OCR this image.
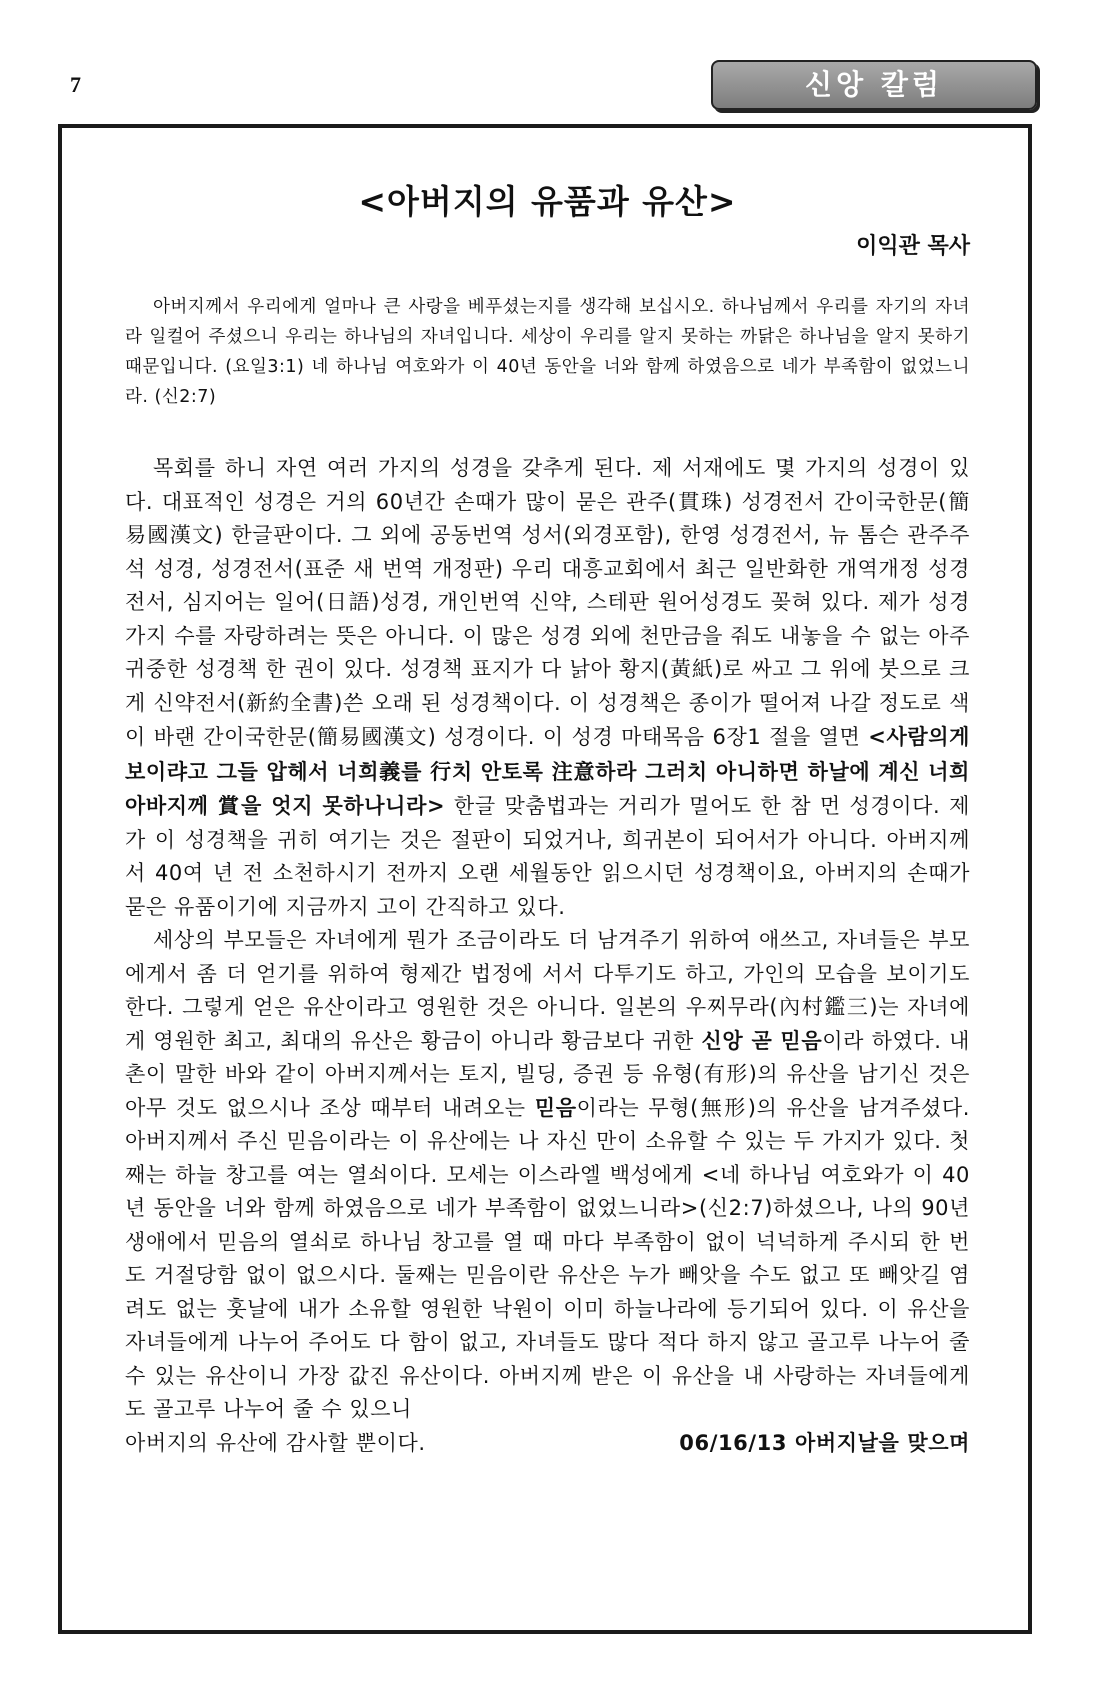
7	신앙 칼럼
<아버지의 유품과 유산>

이익관 목사

아버지께서 우리에게 얼마나 큰 사랑을 베푸셨는지를 생각해 보십시오. 하나님께서 우리를 자기의 자녀라 일컬어 주셨으니 우리는 하나님의 자녀입니다. 세상이 우리를 알지 못하는 까닭은 하나님을 알지 못하기 때문입니다. (요일3:1) 네 하나님 여호와가 이 40년 동안을 너와 함께 하였음으로 네가 부족함이 없었느니라. (신2:7)

목회를 하니 자연 여러 가지의 성경을 갖추게 된다. 제 서재에도 몇 가지의 성경이 있다. 대표적인 성경은 거의 60년간 손때가 많이 묻은 관주(貫珠) 성경전서 간이국한문(簡易國漢文) 한글판이다. 그 외에 공동번역 성서(외경포함), 한영 성경전서, 뉴 톰슨 관주주석 성경, 성경전서(표준 새 번역 개정판) 우리 대흥교회에서 최근 일반화한 개역개정 성경전서, 심지어는 일어(日語)성경, 개인번역 신약, 스테판 원어성경도 꽂혀 있다. 제가 성경 가지 수를 자랑하려는 뜻은 아니다. 이 많은 성경 외에 천만금을 줘도 내놓을 수 없는 아주 귀중한 성경책 한 권이 있다. 성경책 표지가 다 낡아 황지(黃紙)로 싸고 그 위에 붓으로 크게 신약전서(新約全書)쓴 오래 된 성경책이다. 이 성경책은 종이가 떨어져 나갈 정도로 색이 바랜 간이국한문(簡易國漢文) 성경이다. 이 성경 마태목음 6장1 절을 열면 <사람의게 보이랴고 그들 압헤서 너희義를 行치 안토록 注意하라 그러치 아니하면 하날에 계신 너희 아바지께 賞을 엇지 못하나니라> 한글 맞춤법과는 거리가 멀어도 한 참 먼 성경이다. 제가 이 성경책을 귀히 여기는 것은 절판이 되었거나, 희귀본이 되어서가 아니다. 아버지께서 40여 년 전 소천하시기 전까지 오랜 세월동안 읽으시던 성경책이요, 아버지의 손때가 묻은 유품이기에 지금까지 고이 간직하고 있다.

세상의 부모들은 자녀에게 뭔가 조금이라도 더 남겨주기 위하여 애쓰고, 자녀들은 부모에게서 좀 더 얻기를 위하여 형제간 법정에 서서 다투기도 하고, 가인의 모습을 보이기도 한다. 그렇게 얻은 유산이라고 영원한 것은 아니다. 일본의 우찌무라(內村鑑三)는 자녀에게 영원한 최고, 최대의 유산은 황금이 아니라 황금보다 귀한 신앙 곧 믿음이라 하였다. 내촌이 말한 바와 같이 아버지께서는 토지, 빌딩, 증권 등 유형(有形)의 유산을 남기신 것은 아무 것도 없으시나 조상 때부터 내려오는 믿음이라는 무형(無形)의 유산을 남겨주셨다. 아버지께서 주신 믿음이라는 이 유산에는 나 자신 만이 소유할 수 있는 두 가지가 있다. 첫째는 하늘 창고를 여는 열쇠이다. 모세는 이스라엘 백성에게 <네 하나님 여호와가 이 40 년 동안을 너와 함께 하였음으로 네가 부족함이 없었느니라>(신2:7)하셨으나, 나의 90년 생애에서 믿음의 열쇠로 하나님 창고를 열 때 마다 부족함이 없이 넉넉하게 주시되 한 번도 거절당함 없이 없으시다. 둘째는 믿음이란 유산은 누가 빼앗을 수도 없고 또 빼앗길 염려도 없는 훗날에 내가 소유할 영원한 낙원이 이미 하늘나라에 등기되어 있다. 이 유산을 자녀들에게 나누어 주어도 다 함이 없고, 자녀들도 많다 적다 하지 않고 골고루 나누어 줄 수 있는 유산이니 가장 값진 유산이다. 아버지께 받은 이 유산을 내 사랑하는 자녀들에게도 골고루 나누어 줄 수 있으니

아버지의 유산에 감사할 뿐이다.	06/16/13 아버지날을 맞으며
